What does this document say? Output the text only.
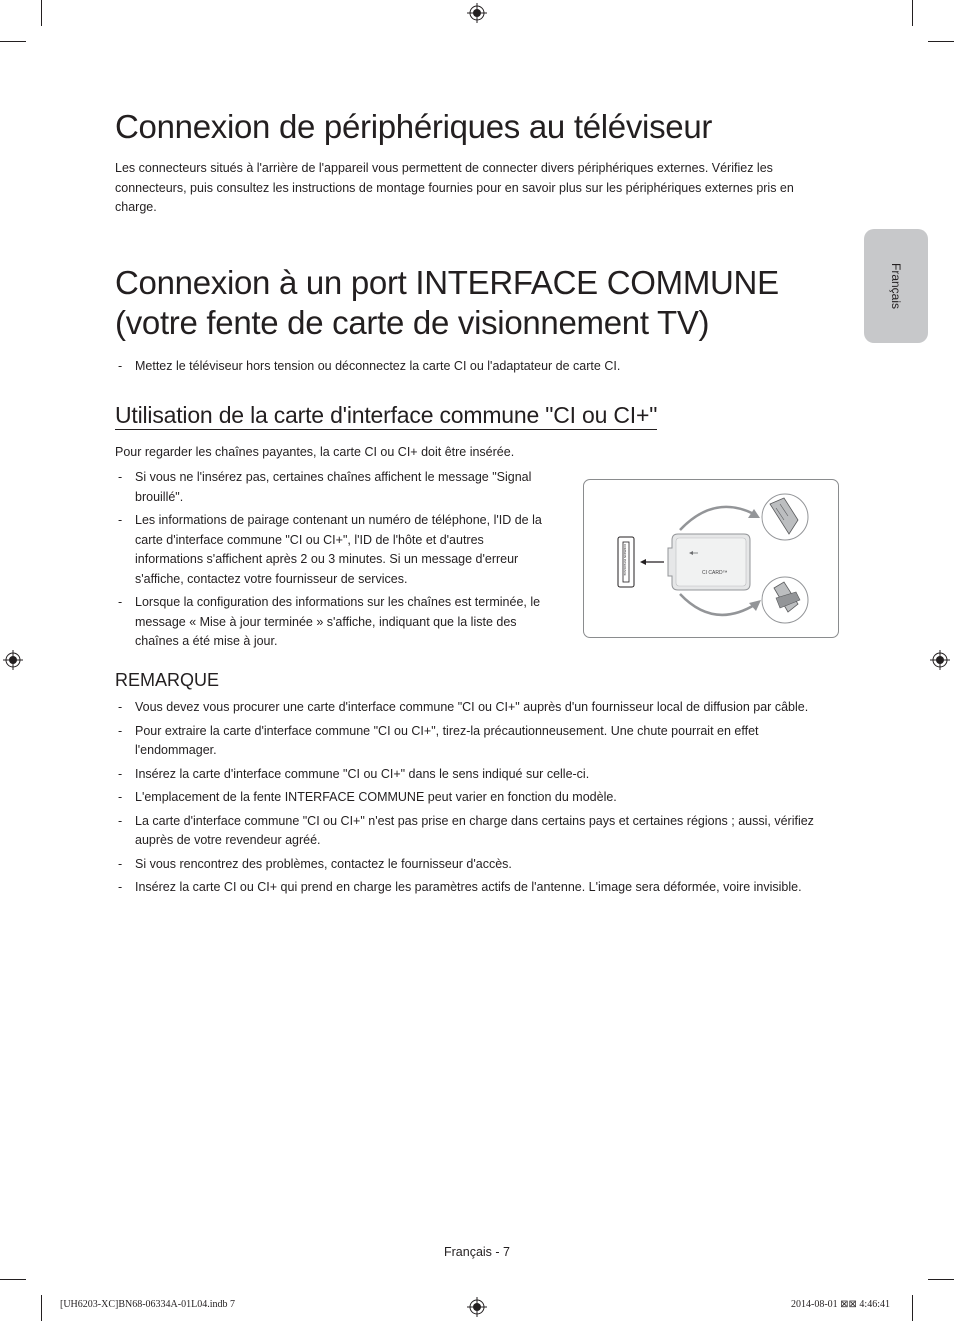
Français
Connexion de périphériques au téléviseur
Les connecteurs situés à l'arrière de l'appareil vous permettent de connecter divers périphériques externes. Vérifiez les connecteurs, puis consultez les instructions de montage fournies pour en savoir plus sur les périphériques externes pris en charge.
Connexion à un port INTERFACE COMMUNE
(votre fente de carte de visionnement TV)
- Mettez le téléviseur hors tension ou déconnectez la carte CI ou l'adaptateur de carte CI.
Utilisation de la carte d'interface commune "CI ou CI+"
Pour regarder les chaînes payantes, la carte CI ou CI+ doit être insérée.
- Si vous ne l'insérez pas, certaines chaînes affichent le message "Signal brouillé".
- Les informations de pairage contenant un numéro de téléphone, l'ID de la carte d'interface commune "CI ou CI+", l'ID de l'hôte et d'autres informations s'affichent après 2 ou 3 minutes. Si un message d'erreur s'affiche, contactez votre fournisseur de services.
- Lorsque la configuration des informations sur les chaînes est terminée, le message « Mise à jour terminée » s'affiche, indiquant que la liste des chaînes a été mise à jour.
COMMON INTERFACE	CI CARD™
REMARQUE
- Vous devez vous procurer une carte d'interface commune "CI ou CI+" auprès d'un fournisseur local de diffusion par câble.
- Pour extraire la carte d'interface commune "CI ou CI+", tirez-la précautionneusement. Une chute pourrait en effet l'endommager.
- Insérez la carte d'interface commune "CI ou CI+" dans le sens indiqué sur celle-ci.
- L'emplacement de la fente INTERFACE COMMUNE peut varier en fonction du modèle.
- La carte d'interface commune "CI ou CI+" n'est pas prise en charge dans certains pays et certaines régions ; aussi, vérifiez auprès de votre revendeur agréé.
- Si vous rencontrez des problèmes, contactez le fournisseur d'accès.
- Insérez la carte CI ou CI+ qui prend en charge les paramètres actifs de l'antenne. L'image sera déformée, voire invisible.
Français - 7
[UH6203-XC]BN68-06334A-01L04.indb 7	2014-08-01 ⊠⊠ 4:46:41
